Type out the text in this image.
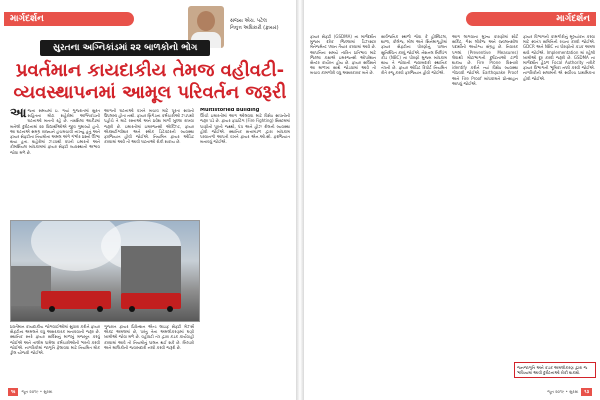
માર્ગદર્શન	સંજય એચ. પટેલ
નિવૃત્ત અધિકારી (ફાયર)
સુરતના અગ્નિકાંડમાં ૨૨ બાળકોનો ભોગ
પ્રવર્તમાન કાયદાકીય તેમજ વહીવટી-
વ્યવસ્થાપનમાં આમૂલ પરિવર્તન જરૂરી
આજના સમયમાં ઇ. ગયાં ગુજરાતમાં સુરત સહિતના મોટા શહેરોમાં અગ્નિકાંડની ઘટનાઓ બનતી રહે છે. તક્ષશિલા આર્કેડમાં બનેલી દુર્ઘટનામાં ૨૨ વિદ્યાર્થીઓએ જીવ ગુમાવ્યો હતો. આ ઘટનાએ સમગ્ર રાજ્યને હચમચાવી નાખ્યું હતું અને ફાયર સેફટીના નિયમોના અમલ અંગે ગંભીર પ્રશ્નો ઊભા થયા હતા. શહેરોમાં ઝડપથી વધતી ઇમારતો અને કોમર્શિયલ બાંધકામમાં ફાયર સેફટી વ્યવસ્થાનો અભાવ જોવા મળે છે.
આગની ઘટનાઓ વખતે બચાવ માટે પૂરતા સાધનો ઉપલબ્ધ હોતા નથી. ફાયર બ્રિગેડના કર્મચારીઓ ઝડપથી પહોંચે તે માટે રસ્તાઓ અને પ્રવેશ માર્ગો ખુલ્લા રાખવા જરૂરી છે. ઇમારતોમાં ઇમરજન્સી એક્ઝિટ, ફાયર એક્સટીંગ્વીશર અને સ્મોક ડિટેક્ટરની વ્યવસ્થા ફરજિયાત હોવી જોઈએ. નિયમિત ફાયર ઓડિટ કરવામાં આવે તો આવી ઘટનાઓ રોકી શકાય છે.
Multistoried Building
ઊંચી ઇમારતોમાં આગ ઓલવવા માટે વિશેષ સાધનોની જરૂર પડે છે. ફાયર ફાઇટિંગ (Fire Fighting) સિસ્ટમમાં પાણીનો પૂરતો જથ્થો, પંપ અને હોઝ રીલની વ્યવસ્થા હોવી જોઈએ. સ્થાનિક સત્તામંડળ દ્વારા બાંધકામ પરવાનગી આપતી વખતે ફાયર એન.ઓ.સી. ફરજિયાત બનાવવું જોઈએ.
પ્રવર્તમાન કાયદાકીય જોગવાઈઓમાં સુધારા કરીને ફાયર સેફટીના અમલને વધુ અસરકારક બનાવવાની જરૂર છે. સ્થાનિક સ્તરે ફાયર સર્વિસનું માળખું મજબૂત કરવું જોઈએ અને તાલીમ પામેલા કર્મચારીઓની ભરતી કરવી જોઈએ. નાગરિકોમાં જાગૃતિ ફેલાવવા માટે નિયમિત મોક ડ્રીલ યોજવી જોઈએ.
ગુજરાત ફાયર પ્રિવેન્શન એન્ડ લાઇફ સેફટી મેઝર્સ એક્ટ અમલમાં છે, પરંતુ તેના અમલીકરણમાં ઘણી ખામીઓ જોવા મળે છે. વહીવટી તંત્ર દ્વારા કડક કાર્યવાહી કરવામાં આવે તો નિયમોનું પાલન થઈ શકે છે. બિલ્ડરો અને માલિકોની જવાબદારી નક્કી કરવી જરૂરી છે.
૧૨ જૂન ૨૦૧૯ • સુરક્ષા
માર્ગદર્શન
ફાયર સેફટી (GSDMA) ના માર્ગદર્શન મુજબ દરેક જિલ્લામાં ડિઝાસ્ટર મેનેજમેન્ટ પ્લાન તૈયાર કરવામાં આવે છે. આપત્તિના સમયે ત્વરિત પ્રતિભાવ માટે જિલ્લા કક્ષાએ ઇમરજન્સી ઓપરેશન સેન્ટર કાર્યરત હોય છે. ફાયર સર્વિસને આ માળખા સાથે જોડવામાં આવે તો બચાવ કામગીરી વધુ અસરકારક બને છે.
સાર્વજનિક સ્થળો જેવા કે હોસ્પિટલ, શાળા, કોલેજ, મોલ અને સિનેમાગૃહોમાં ફાયર સેફટીના ધોરણોનું પાલન સુનિશ્ચિત કરવું જોઈએ. નેશનલ બિલ્ડિંગ કોડ (NBC) ના ધોરણો મુજબ બાંધકામ થાય તે જોવાની જવાબદારી સ્થાનિક તંત્રની છે. ફાયર ઓડિટ રિપોર્ટ નિયમિત રીતે રજૂ કરવો ફરજિયાત હોવો જોઈએ.
આગ લાગવાના મુખ્ય કારણોમાં શોર્ટ સર્કિટ, ગેસ લીકેજ અને જ્વલનશીલ પદાર્થોનો અયોગ્ય સંગ્રહ છે. નિવારક પગલાં (Preventive Measures) લેવાથી મોટાભાગની દુર્ઘટનાઓ ટાળી શકાય છે. Fire Prone વિસ્તારો identify કરીને ત્યાં વિશેષ વ્યવસ્થા ગોઠવવી જોઈએ. Earthquake Proof અને Fire Proof બાંધકામને પ્રોત્સાહન આપવું જોઈએ.
ફાયર વિભાગની કામગીરીનું મૂલ્યાંકન કરવા માટે સ્વતંત્ર સમિતિની રચના કરવી જોઈએ. GDCR અને NBC ના ધોરણોનો કડક અમલ થવો જોઈએ. Implementation માં રહેલી ખામીઓ દૂર કરવી જરૂરી છે. GSDMA ના માર્ગદર્શન હેઠળ Focal Authority તરીકે ફાયર વિભાગની ભૂમિકા નક્કી કરવી જોઈએ. નાગરિકોની સલામતી એ સર્વોચ્ચ પ્રાથમિકતા હોવી જોઈએ.
જનજાગૃતિ અને કડક અમલીકરણ દ્વારા જ ભવિષ્યમાં આવી દુર્ઘટનાઓ રોકી શકાશે.
જૂન ૨૦૧૯ • સુરક્ષા ૧૩
